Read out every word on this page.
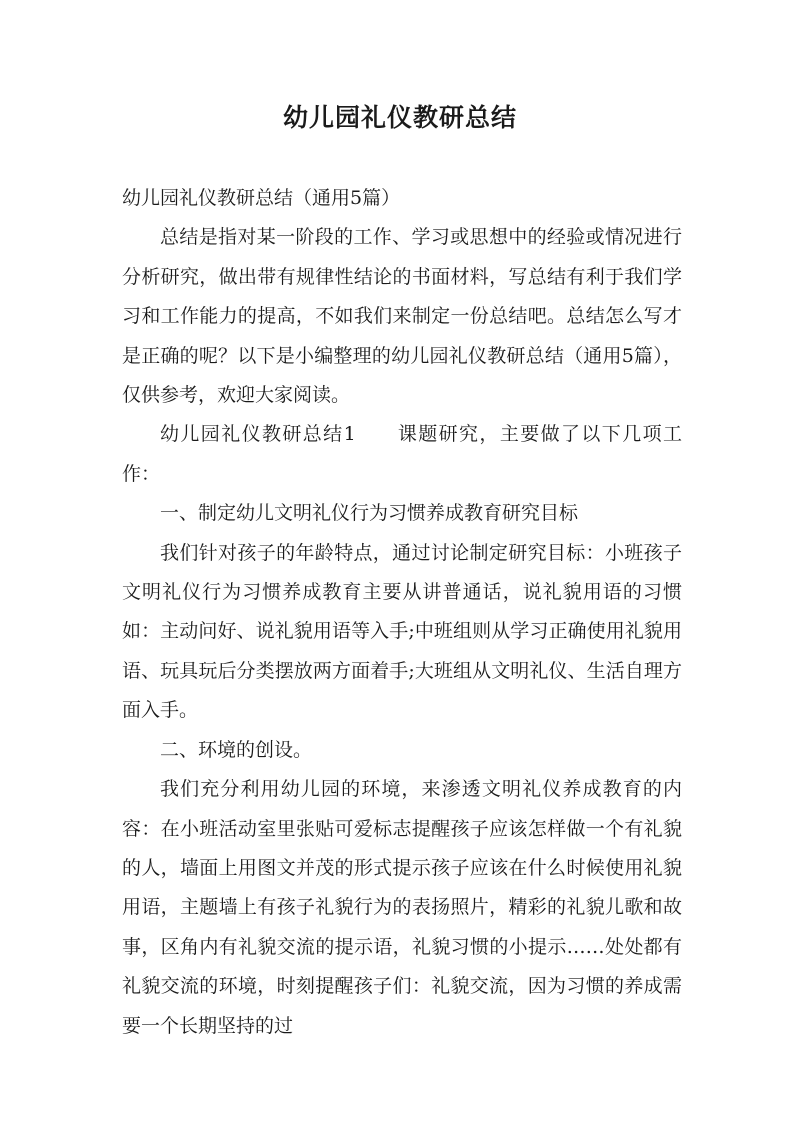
幼儿园礼仪教研总结

幼儿园礼仪教研总结（通用5篇）

总结是指对某一阶段的工作、学习或思想中的经验或情况进行分析研究，做出带有规律性结论的书面材料，写总结有利于我们学习和工作能力的提高，不如我们来制定一份总结吧。总结怎么写才是正确的呢？以下是小编整理的幼儿园礼仪教研总结（通用5篇），仅供参考，欢迎大家阅读。

幼儿园礼仪教研总结1　　课题研究，主要做了以下几项工作：

一、制定幼儿文明礼仪行为习惯养成教育研究目标

我们针对孩子的年龄特点，通过讨论制定研究目标：小班孩子文明礼仪行为习惯养成教育主要从讲普通话，说礼貌用语的习惯如：主动问好、说礼貌用语等入手;中班组则从学习正确使用礼貌用语、玩具玩后分类摆放两方面着手;大班组从文明礼仪、生活自理方面入手。

二、环境的创设。

我们充分利用幼儿园的环境，来渗透文明礼仪养成教育的内容：在小班活动室里张贴可爱标志提醒孩子应该怎样做一个有礼貌的人，墙面上用图文并茂的形式提示孩子应该在什么时候使用礼貌用语，主题墙上有孩子礼貌行为的表扬照片，精彩的礼貌儿歌和故事，区角内有礼貌交流的提示语，礼貌习惯的小提示……处处都有礼貌交流的环境，时刻提醒孩子们：礼貌交流，因为习惯的养成需要一个长期坚持的过
